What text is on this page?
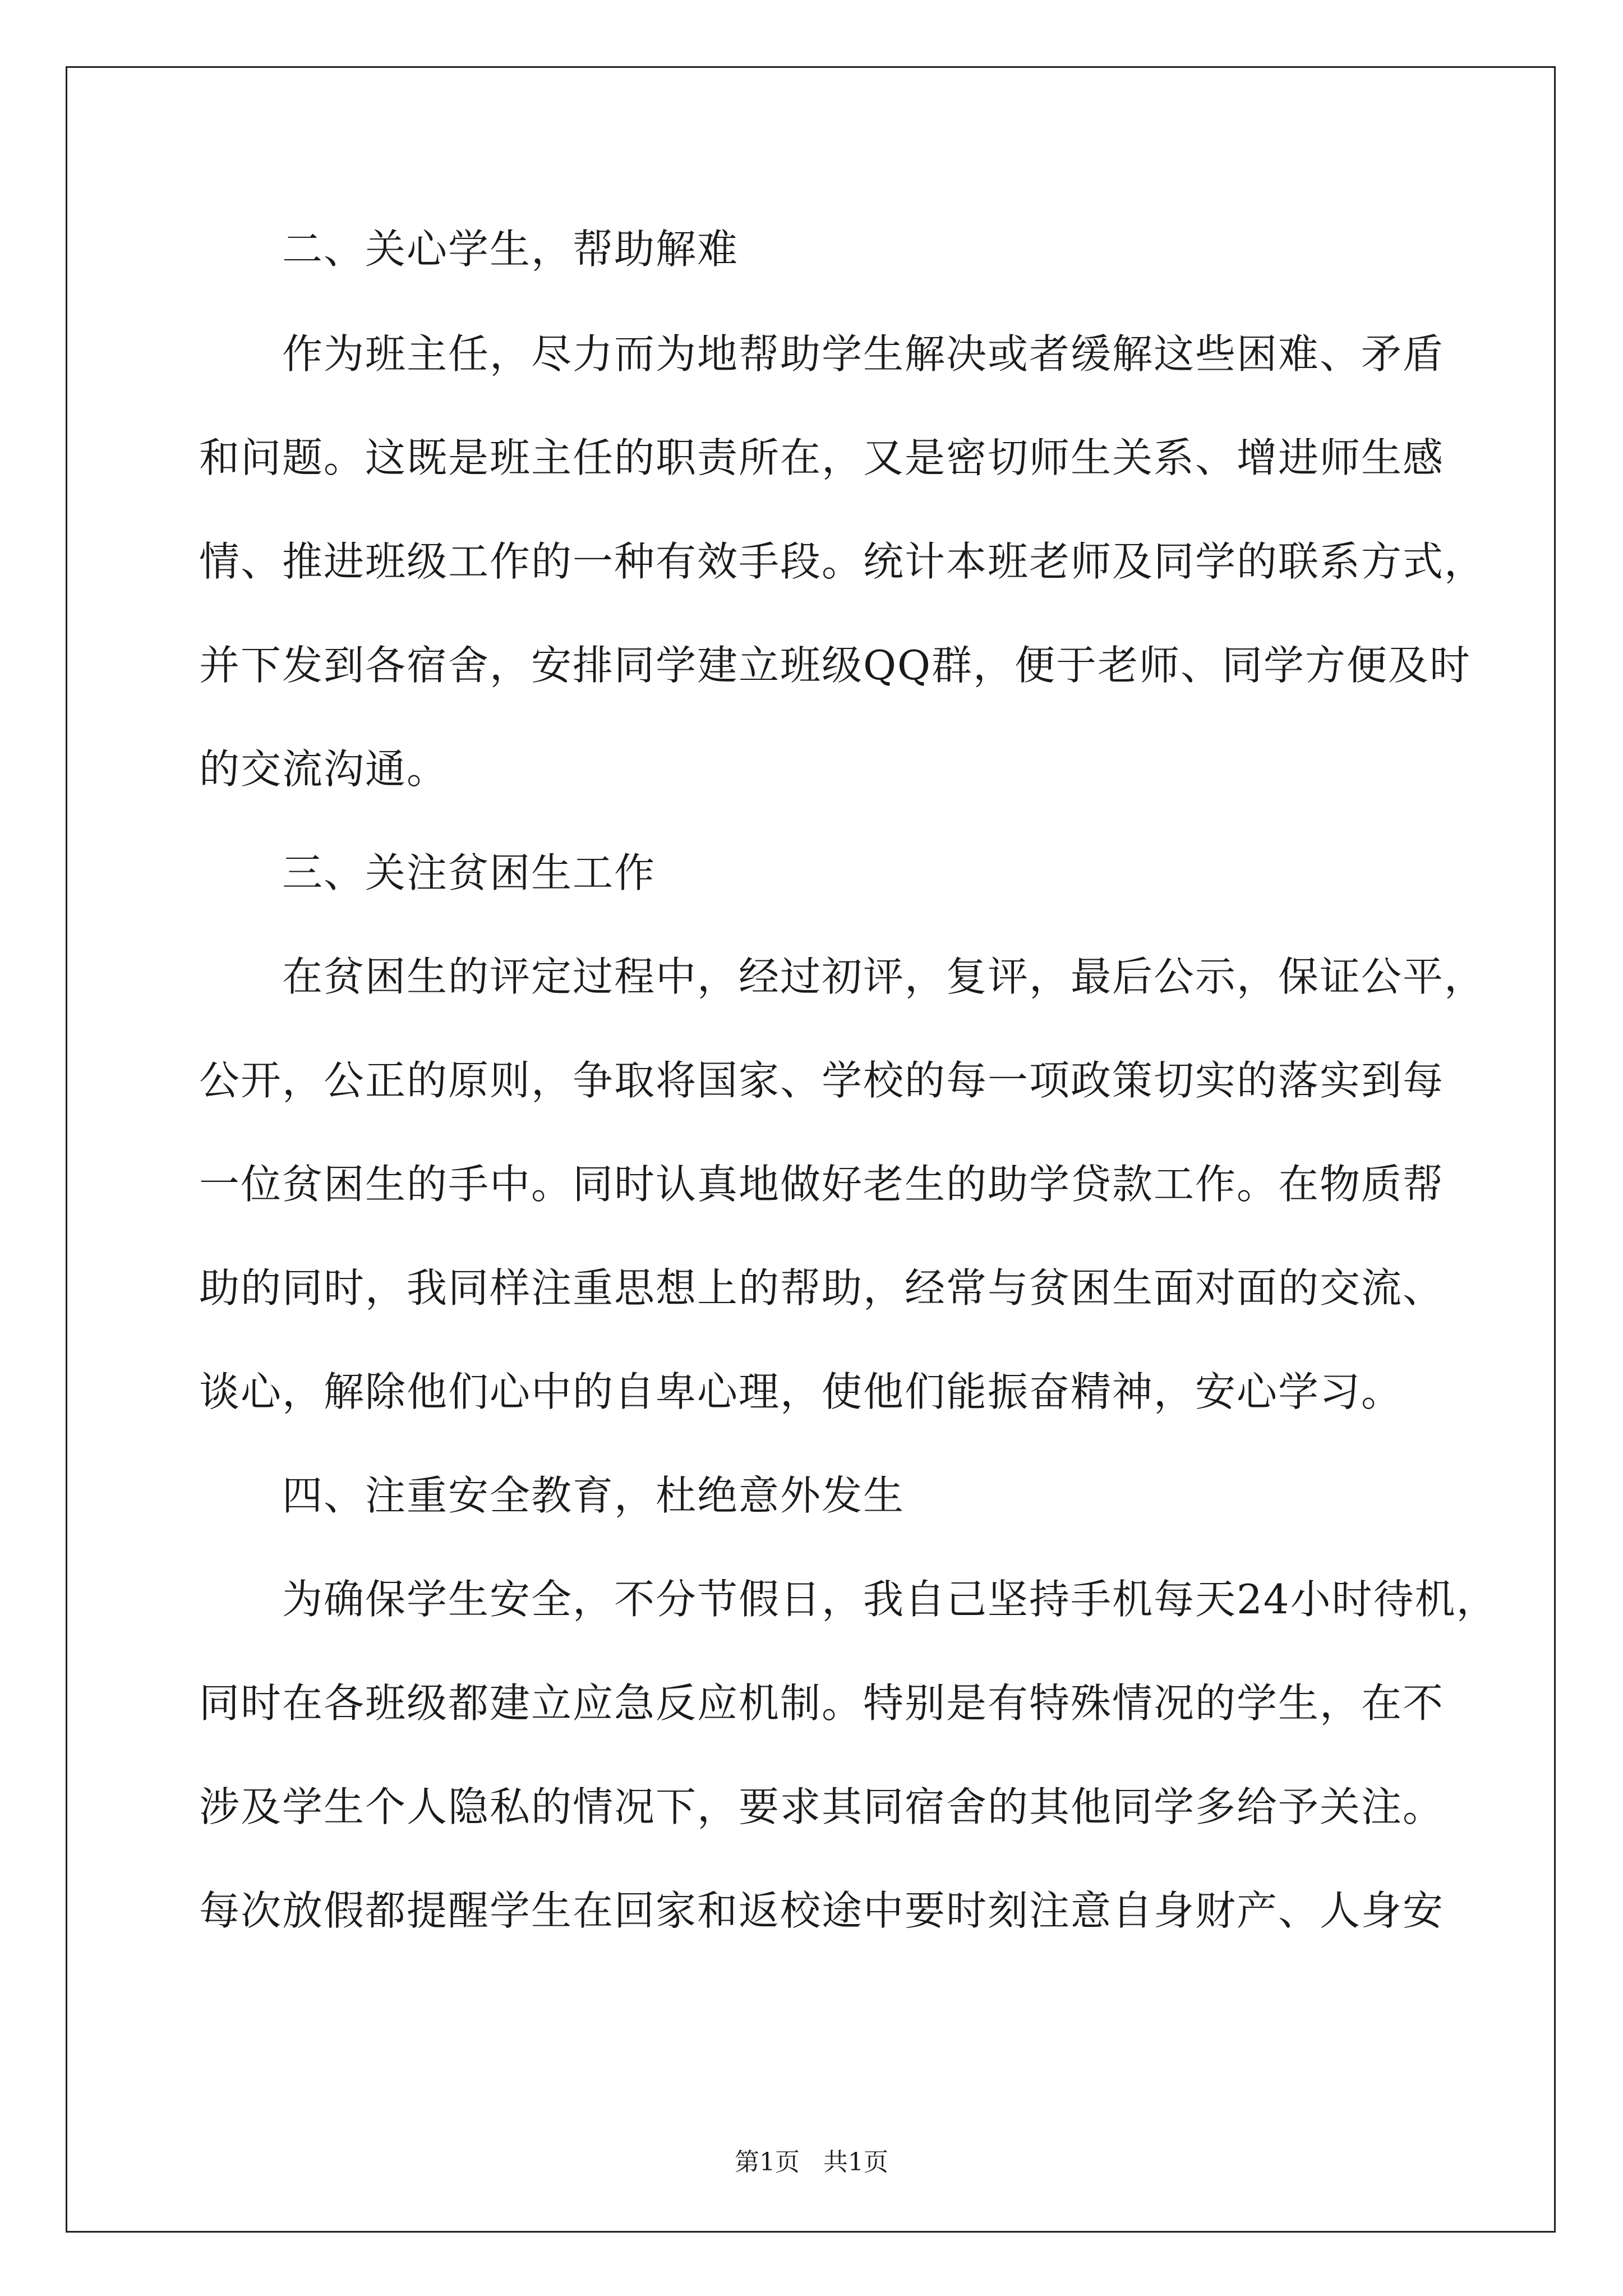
二、关心学生，帮助解难
作为班主任，尽力而为地帮助学生解决或者缓解这些困难、矛盾
和问题。这既是班主任的职责所在，又是密切师生关系、增进师生感
情、推进班级工作的一种有效手段。统计本班老师及同学的联系方式，
并下发到各宿舍，安排同学建立班级QQ群，便于老师、同学方便及时
的交流沟通。
三、关注贫困生工作
在贫困生的评定过程中，经过初评，复评，最后公示，保证公平，
公开，公正的原则，争取将国家、学校的每一项政策切实的落实到每
一位贫困生的手中。同时认真地做好老生的助学贷款工作。在物质帮
助的同时，我同样注重思想上的帮助，经常与贫困生面对面的交流、
谈心，解除他们心中的自卑心理，使他们能振奋精神，安心学习。
四、注重安全教育，杜绝意外发生
为确保学生安全，不分节假日，我自己坚持手机每天24小时待机，
同时在各班级都建立应急反应机制。特别是有特殊情况的学生，在不
涉及学生个人隐私的情况下，要求其同宿舍的其他同学多给予关注。
每次放假都提醒学生在回家和返校途中要时刻注意自身财产、人身安
第1页   共1页
